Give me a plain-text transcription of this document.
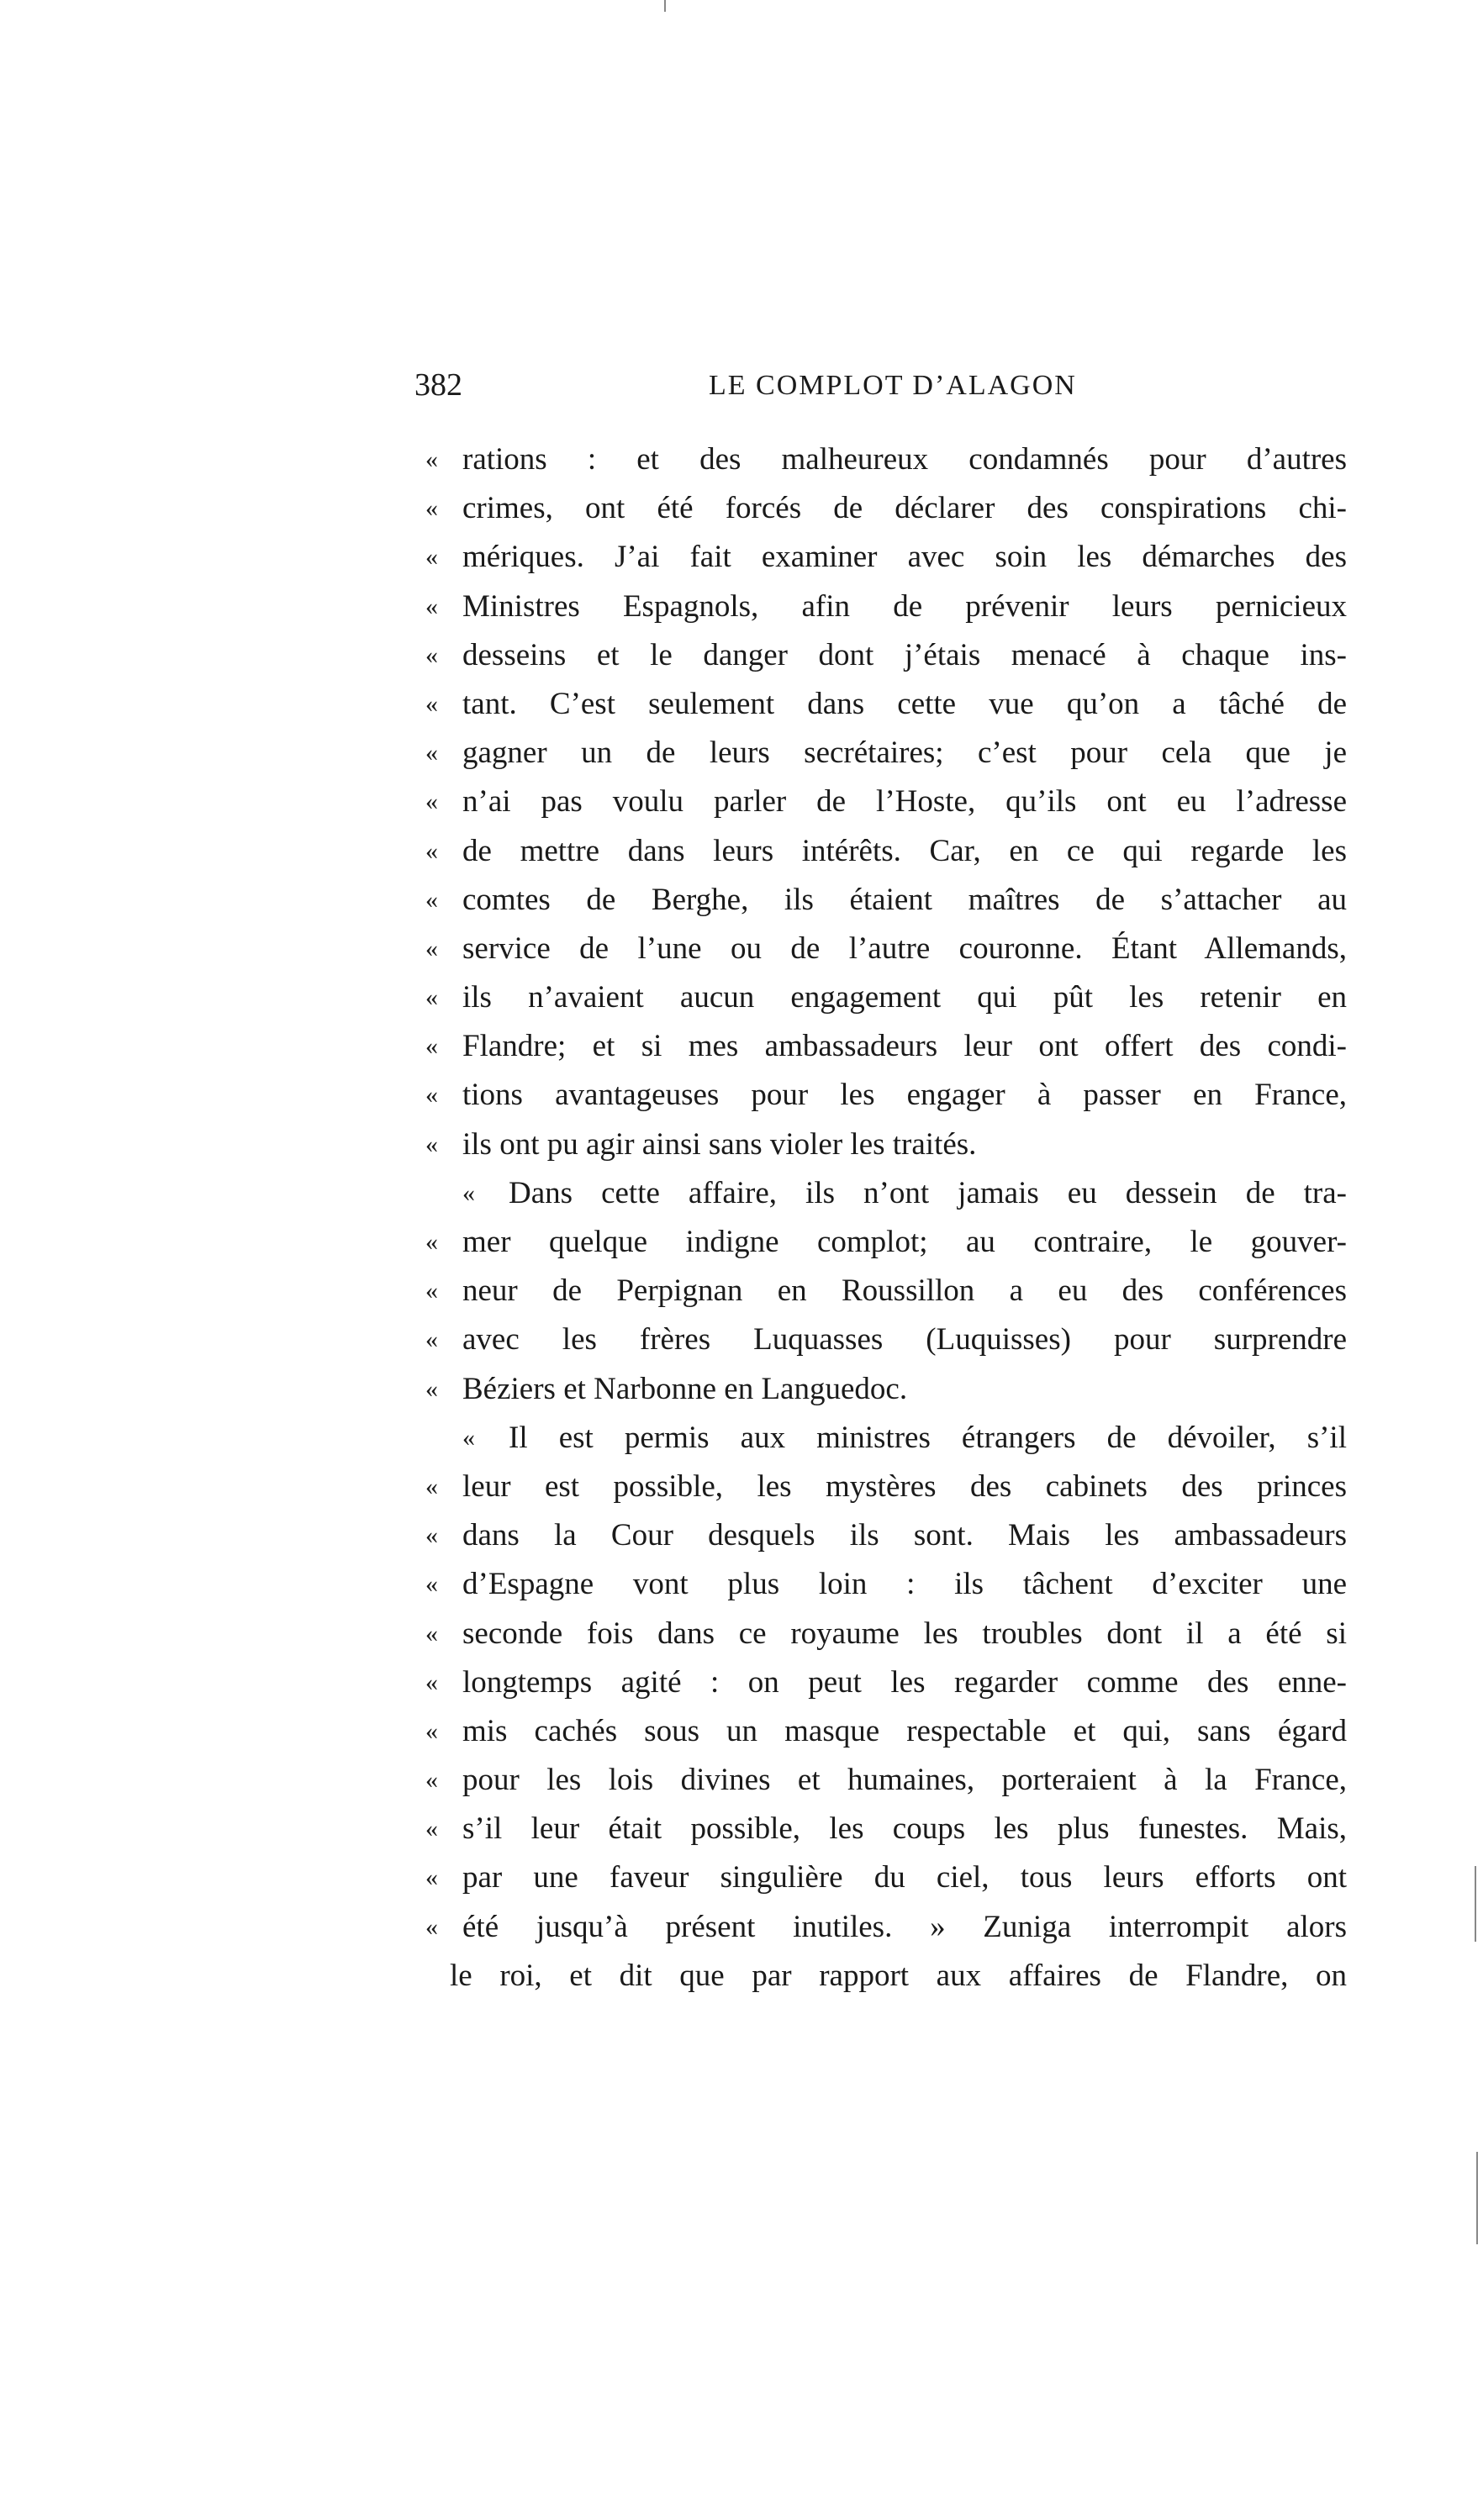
382	LE COMPLOT D’ALAGON
« rations : et des malheureux condamnés pour d’autres
« crimes, ont été forcés de déclarer des conspirations chi-
« mériques. J’ai fait examiner avec soin les démarches des
« Ministres Espagnols, afin de prévenir leurs pernicieux
« desseins et le danger dont j’étais menacé à chaque ins-
« tant. C’est seulement dans cette vue qu’on a tâché de
« gagner un de leurs secrétaires; c’est pour cela que je
« n’ai pas voulu parler de l’Hoste, qu’ils ont eu l’adresse
« de mettre dans leurs intérêts. Car, en ce qui regarde les
« comtes de Berghe, ils étaient maîtres de s’attacher au
« service de l’une ou de l’autre couronne. Étant Allemands,
« ils n’avaient aucun engagement qui pût les retenir en
« Flandre; et si mes ambassadeurs leur ont offert des condi-
« tions avantageuses pour les engager à passer en France,
« ils ont pu agir ainsi sans violer les traités.
«	Dans cette affaire, ils n’ont jamais eu dessein de tra-
« mer quelque indigne complot; au contraire, le gouver-
« neur de Perpignan en Roussillon a eu des conférences
« avec les frères Luquasses (Luquisses) pour surprendre
« Béziers et Narbonne en Languedoc.
«	Il est permis aux ministres étrangers de dévoiler, s’il
« leur est possible, les mystères des cabinets des princes
« dans la Cour desquels ils sont. Mais les ambassadeurs
« d’Espagne vont plus loin : ils tâchent d’exciter une
« seconde fois dans ce royaume les troubles dont il a été si
« longtemps agité : on peut les regarder comme des enne-
« mis cachés sous un masque respectable et qui, sans égard
« pour les lois divines et humaines, porteraient à la France,
« s’il leur était possible, les coups les plus funestes. Mais,
« par une faveur singulière du ciel, tous leurs efforts ont
« été jusqu’à présent inutiles. » Zuniga interrompit alors
le roi, et dit que par rapport aux affaires de Flandre, on
